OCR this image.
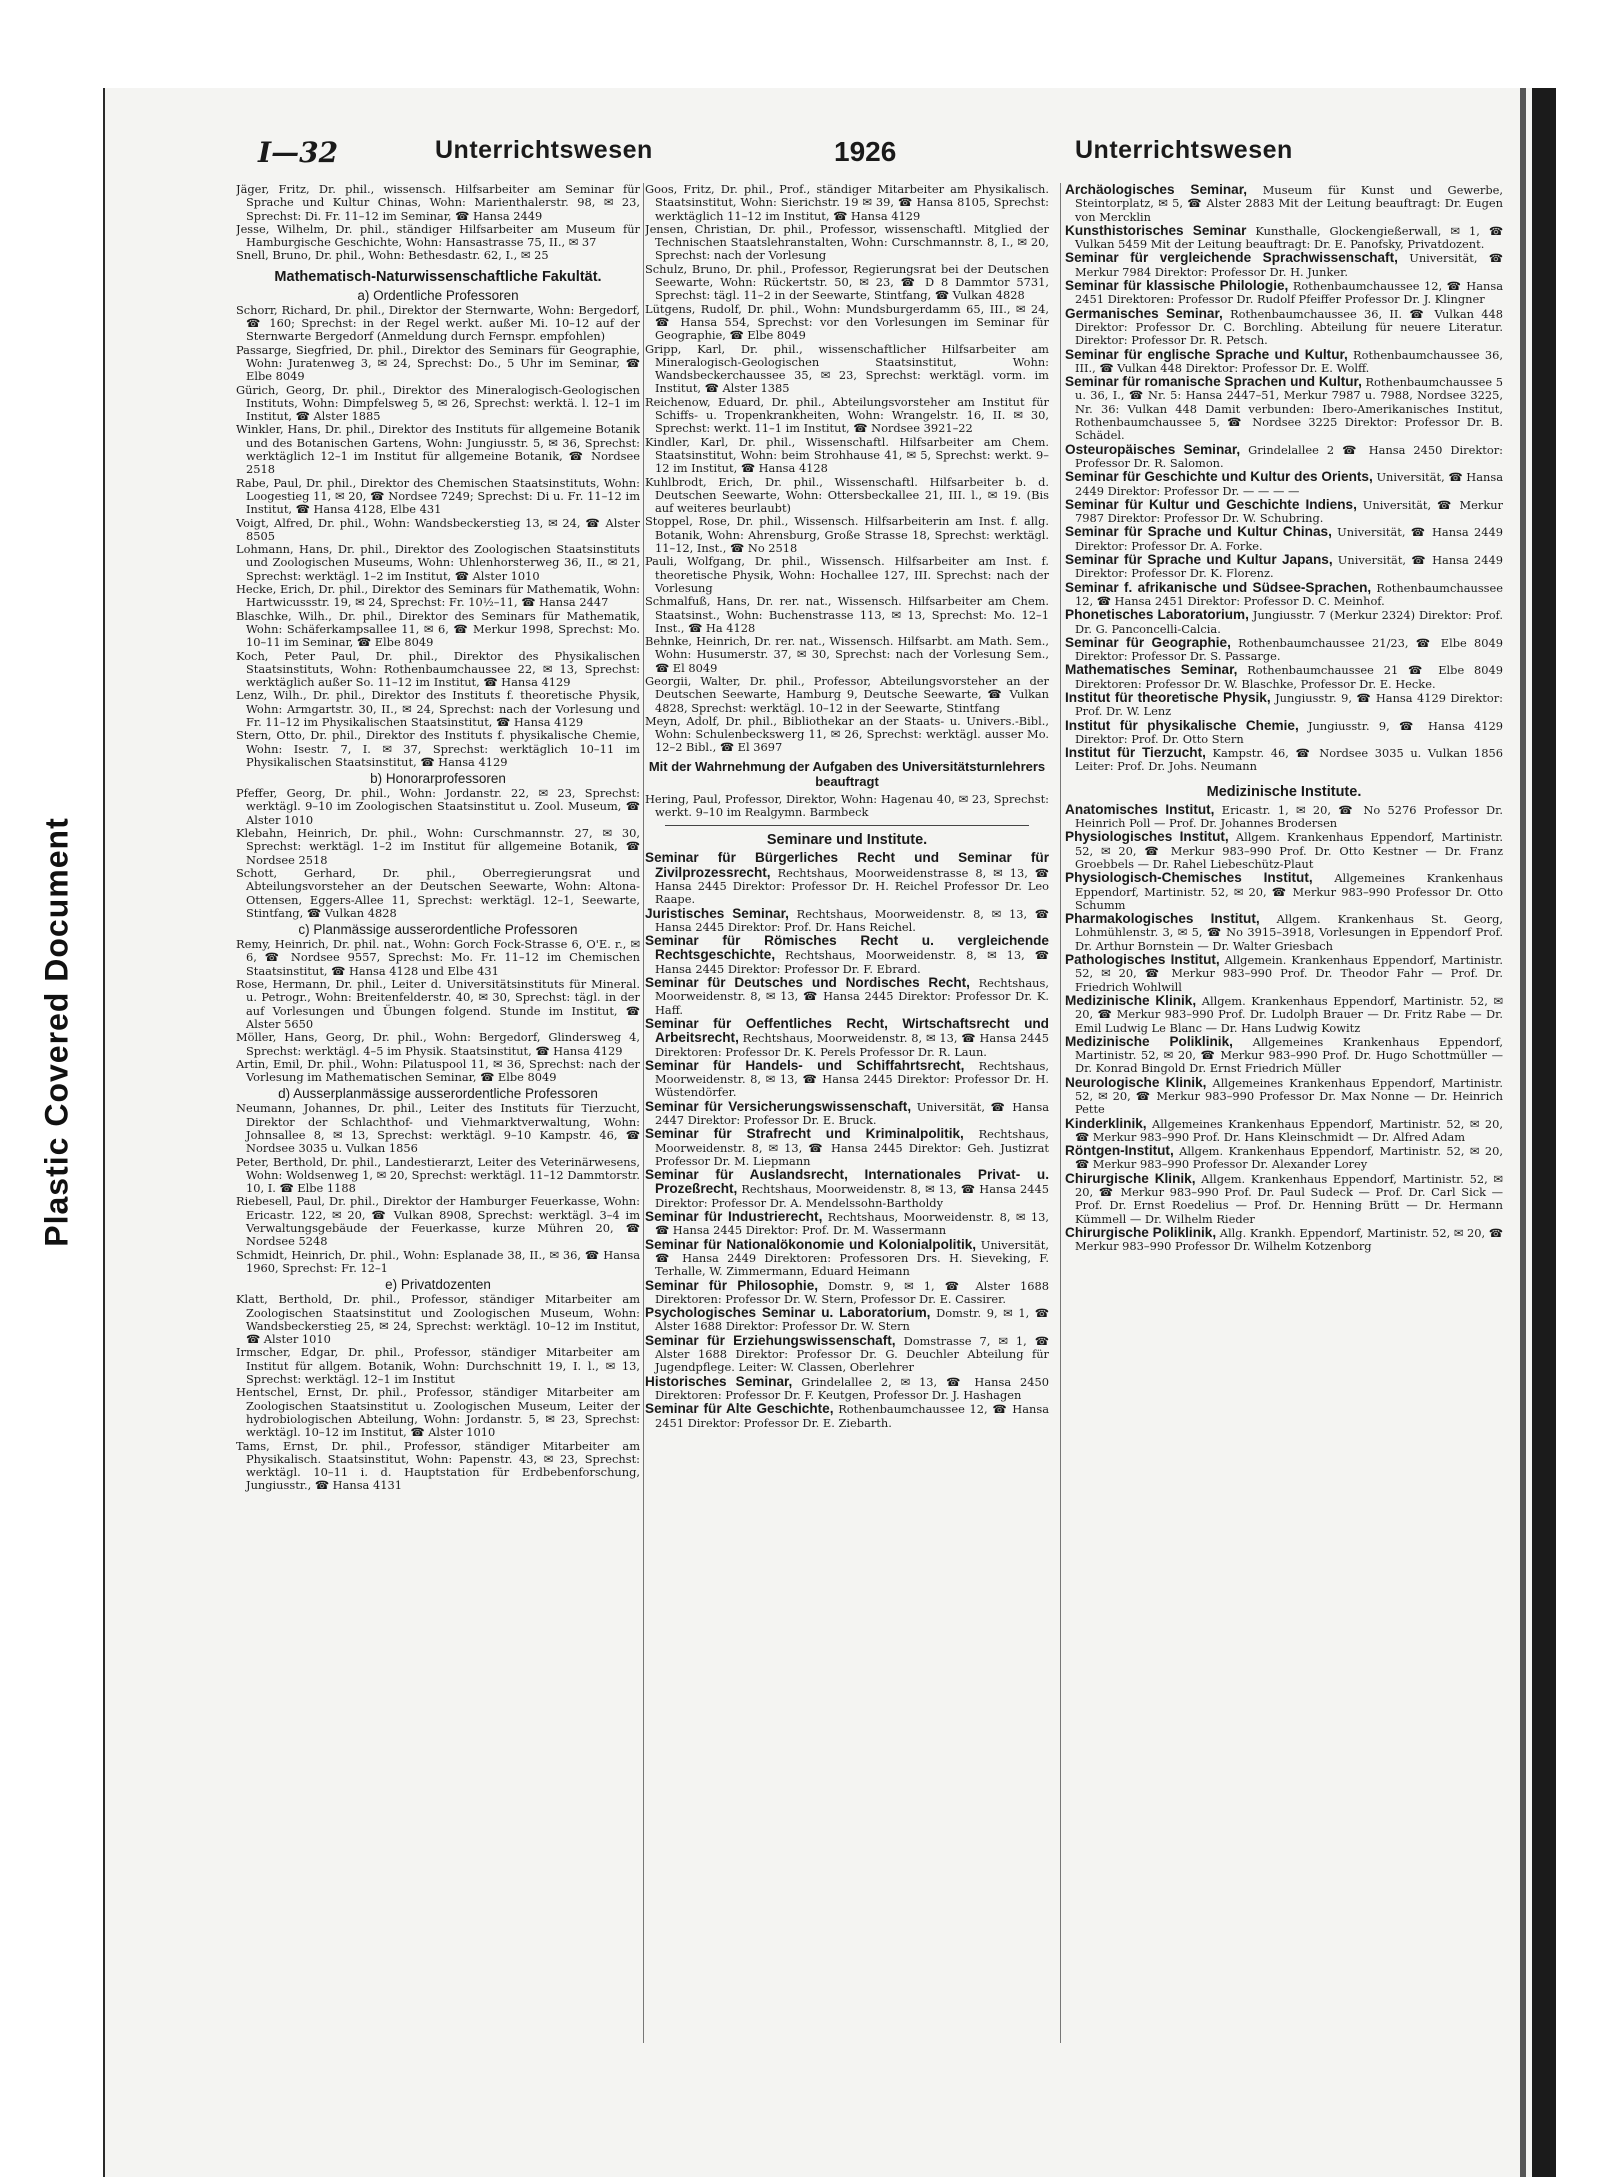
Plastic Covered Document
I—32	Unterrichtswesen	1926	Unterrichtswesen

Jäger, Fritz, Dr. phil., wissensch. Hilfsarbeiter am Seminar für Sprache und Kultur Chinas, Wohn: Marienthalerstr. 98, ✉ 23, Sprechst: Di. Fr. 11–12 im Seminar, ☎ Hansa 2449

Jesse, Wilhelm, Dr. phil., ständiger Hilfsarbeiter am Museum für Hamburgische Geschichte, Wohn: Hansastrasse 75, II., ✉ 37

Snell, Bruno, Dr. phil., Wohn: Bethesdastr. 62, I., ✉ 25

Mathematisch-Naturwissenschaftliche Fakultät.
a) Ordentliche Professoren

Schorr, Richard, Dr. phil., Direktor der Sternwarte, Wohn: Bergedorf, ☎ 160; Sprechst: in der Regel werkt. außer Mi. 10–12 auf der Sternwarte Bergedorf (Anmeldung durch Fernspr. empfohlen)

Passarge, Siegfried, Dr. phil., Direktor des Seminars für Geographie, Wohn: Juratenweg 3, ✉ 24, Sprechst: Do., 5 Uhr im Seminar, ☎ Elbe 8049

Gürich, Georg, Dr. phil., Direktor des Mineralogisch-Geologischen Instituts, Wohn: Dimpfelsweg 5, ✉ 26, Sprechst: werktä. l. 12–1 im Institut, ☎ Alster 1885

Winkler, Hans, Dr. phil., Direktor des Instituts für allgemeine Botanik und des Botanischen Gartens, Wohn: Jungiusstr. 5, ✉ 36, Sprechst: werktäglich 12–1 im Institut für allgemeine Botanik, ☎ Nordsee 2518

Rabe, Paul, Dr. phil., Direktor des Chemischen Staatsinstituts, Wohn: Loogestieg 11, ✉ 20, ☎ Nordsee 7249; Sprechst: Di u. Fr. 11–12 im Institut, ☎ Hansa 4128, Elbe 431

Voigt, Alfred, Dr. phil., Wohn: Wandsbeckerstieg 13, ✉ 24, ☎ Alster 8505

Lohmann, Hans, Dr. phil., Direktor des Zoologischen Staatsinstituts und Zoologischen Museums, Wohn: Uhlenhorsterweg 36, II., ✉ 21, Sprechst: werktägl. 1–2 im Institut, ☎ Alster 1010

Hecke, Erich, Dr. phil., Direktor des Seminars für Mathematik, Wohn: Hartwicussstr. 19, ✉ 24, Sprechst: Fr. 10½–11, ☎ Hansa 2447

Blaschke, Wilh., Dr. phil., Direktor des Seminars für Mathematik, Wohn: Schäferkampsallee 11, ✉ 6, ☎ Merkur 1998, Sprechst: Mo. 10–11 im Seminar, ☎ Elbe 8049

Koch, Peter Paul, Dr. phil., Direktor des Physikalischen Staatsinstituts, Wohn: Rothenbaumchaussee 22, ✉ 13, Sprechst: werktäglich außer So. 11–12 im Institut, ☎ Hansa 4129

Lenz, Wilh., Dr. phil., Direktor des Instituts f. theoretische Physik, Wohn: Armgartstr. 30, II., ✉ 24, Sprechst: nach der Vorlesung und Fr. 11–12 im Physikalischen Staatsinstitut, ☎ Hansa 4129

Stern, Otto, Dr. phil., Direktor des Instituts f. physikalische Chemie, Wohn: Isestr. 7, I. ✉ 37, Sprechst: werktäglich 10–11 im Physikalischen Staatsinstitut, ☎ Hansa 4129

b) Honorarprofessoren

Pfeffer, Georg, Dr. phil., Wohn: Jordanstr. 22, ✉ 23, Sprechst: werktägl. 9–10 im Zoologischen Staatsinstitut u. Zool. Museum, ☎ Alster 1010

Klebahn, Heinrich, Dr. phil., Wohn: Curschmannstr. 27, ✉ 30, Sprechst: werktägl. 1–2 im Institut für allgemeine Botanik, ☎ Nordsee 2518

Schott, Gerhard, Dr. phil., Oberregierungsrat und Abteilungsvorsteher an der Deutschen Seewarte, Wohn: Altona-Ottensen, Eggers-Allee 11, Sprechst: werktägl. 12–1, Seewarte, Stintfang, ☎ Vulkan 4828

c) Planmässige ausserordentliche Professoren

Remy, Heinrich, Dr. phil. nat., Wohn: Gorch Fock-Strasse 6, O'E. r., ✉ 6, ☎ Nordsee 9557, Sprechst: Mo. Fr. 11–12 im Chemischen Staatsinstitut, ☎ Hansa 4128 und Elbe 431

Rose, Hermann, Dr. phil., Leiter d. Universitätsinstituts für Mineral. u. Petrogr., Wohn: Breitenfelderstr. 40, ✉ 30, Sprechst: tägl. in der auf Vorlesungen und Übungen folgend. Stunde im Institut, ☎ Alster 5650

Möller, Hans, Georg, Dr. phil., Wohn: Bergedorf, Glindersweg 4, Sprechst: werktägl. 4–5 im Physik. Staatsinstitut, ☎ Hansa 4129

Artin, Emil, Dr. phil., Wohn: Pilatuspool 11, ✉ 36, Sprechst: nach der Vorlesung im Mathematischen Seminar, ☎ Elbe 8049

d) Ausserplanmässige ausserordentliche Professoren

Neumann, Johannes, Dr. phil., Leiter des Instituts für Tierzucht, Direktor der Schlachthof- und Viehmarktverwaltung, Wohn: Johnsallee 8, ✉ 13, Sprechst: werktägl. 9–10 Kampstr. 46, ☎ Nordsee 3035 u. Vulkan 1856

Peter, Berthold, Dr. phil., Landestierarzt, Leiter des Veterinärwesens, Wohn: Woldsenweg 1, ✉ 20, Sprechst: werktägl. 11–12 Dammtorstr. 10, I. ☎ Elbe 1188

Riebesell, Paul, Dr. phil., Direktor der Hamburger Feuerkasse, Wohn: Ericastr. 122, ✉ 20, ☎ Vulkan 8908, Sprechst: werktägl. 3–4 im Verwaltungsgebäude der Feuerkasse, kurze Mühren 20, ☎ Nordsee 5248

Schmidt, Heinrich, Dr. phil., Wohn: Esplanade 38, II., ✉ 36, ☎ Hansa 1960, Sprechst: Fr. 12–1

e) Privatdozenten

Klatt, Berthold, Dr. phil., Professor, ständiger Mitarbeiter am Zoologischen Staatsinstitut und Zoologischen Museum, Wohn: Wandsbeckerstieg 25, ✉ 24, Sprechst: werktägl. 10–12 im Institut, ☎ Alster 1010

Irmscher, Edgar, Dr. phil., Professor, ständiger Mitarbeiter am Institut für allgem. Botanik, Wohn: Durchschnitt 19, I. l., ✉ 13, Sprechst: werktägl. 12–1 im Institut

Hentschel, Ernst, Dr. phil., Professor, ständiger Mitarbeiter am Zoologischen Staatsinstitut u. Zoologischen Museum, Leiter der hydrobiologischen Abteilung, Wohn: Jordanstr. 5, ✉ 23, Sprechst: werktägl. 10–12 im Institut, ☎ Alster 1010

Tams, Ernst, Dr. phil., Professor, ständiger Mitarbeiter am Physikalisch. Staatsinstitut, Wohn: Papenstr. 43, ✉ 23, Sprechst: werktägl. 10–11 i. d. Hauptstation für Erdbebenforschung, Jungiusstr., ☎ Hansa 4131

Goos, Fritz, Dr. phil., Prof., ständiger Mitarbeiter am Physikalisch. Staatsinstitut, Wohn: Sierichstr. 19 ✉ 39, ☎ Hansa 8105, Sprechst: werktäglich 11–12 im Institut, ☎ Hansa 4129

Jensen, Christian, Dr. phil., Professor, wissenschaftl. Mitglied der Technischen Staatslehranstalten, Wohn: Curschmannstr. 8, I., ✉ 20, Sprechst: nach der Vorlesung

Schulz, Bruno, Dr. phil., Professor, Regierungsrat bei der Deutschen Seewarte, Wohn: Rückertstr. 50, ✉ 23, ☎ D 8 Dammtor 5731, Sprechst: tägl. 11–2 in der Seewarte, Stintfang, ☎ Vulkan 4828

Lütgens, Rudolf, Dr. phil., Wohn: Mundsburgerdamm 65, III., ✉ 24, ☎ Hansa 554, Sprechst: vor den Vorlesungen im Seminar für Geographie, ☎ Elbe 8049

Gripp, Karl, Dr. phil., wissenschaftlicher Hilfsarbeiter am Mineralogisch-Geologischen Staatsinstitut, Wohn: Wandsbeckerchaussee 35, ✉ 23, Sprechst: werktägl. vorm. im Institut, ☎ Alster 1385

Reichenow, Eduard, Dr. phil., Abteilungsvorsteher am Institut für Schiffs- u. Tropenkrankheiten, Wohn: Wrangelstr. 16, II. ✉ 30, Sprechst: werkt. 11–1 im Institut, ☎ Nordsee 3921–22

Kindler, Karl, Dr. phil., Wissenschaftl. Hilfsarbeiter am Chem. Staatsinstitut, Wohn: beim Strohhause 41, ✉ 5, Sprechst: werkt. 9–12 im Institut, ☎ Hansa 4128

Kuhlbrodt, Erich, Dr. phil., Wissenschaftl. Hilfsarbeiter b. d. Deutschen Seewarte, Wohn: Ottersbeckallee 21, III. l., ✉ 19. (Bis auf weiteres beurlaubt)

Stoppel, Rose, Dr. phil., Wissensch. Hilfsarbeiterin am Inst. f. allg. Botanik, Wohn: Ahrensburg, Große Strasse 18, Sprechst: werktägl. 11–12, Inst., ☎ No 2518

Pauli, Wolfgang, Dr. phil., Wissensch. Hilfsarbeiter am Inst. f. theoretische Physik, Wohn: Hochallee 127, III. Sprechst: nach der Vorlesung

Schmalfuß, Hans, Dr. rer. nat., Wissensch. Hilfsarbeiter am Chem. Staatsinst., Wohn: Buchenstrasse 113, ✉ 13, Sprechst: Mo. 12–1 Inst., ☎ Ha 4128

Behnke, Heinrich, Dr. rer. nat., Wissensch. Hilfsarbt. am Math. Sem., Wohn: Husumerstr. 37, ✉ 30, Sprechst: nach der Vorlesung Sem., ☎ El 8049

Georgii, Walter, Dr. phil., Professor, Abteilungsvorsteher an der Deutschen Seewarte, Hamburg 9, Deutsche Seewarte, ☎ Vulkan 4828, Sprechst: werktägl. 10–12 in der Seewarte, Stintfang

Meyn, Adolf, Dr. phil., Bibliothekar an der Staats- u. Univers.-Bibl., Wohn: Schulenbeckswerg 11, ✉ 26, Sprechst: werktägl. ausser Mo. 12–2 Bibl., ☎ El 3697

Mit der Wahrnehmung der Aufgaben des Universitätsturnlehrers beauftragt

Hering, Paul, Professor, Direktor, Wohn: Hagenau 40, ✉ 23, Sprechst: werkt. 9–10 im Realgymn. Barmbeck

Seminare und Institute.

Seminar für Bürgerliches Recht und Seminar für Zivilprozessrecht, Rechtshaus, Moorweidenstrasse 8, ✉ 13, ☎ Hansa 2445 Direktor: Professor Dr. H. Reichel Professor Dr. Leo Raape.

Juristisches Seminar, Rechtshaus, Moorweidenstr. 8, ✉ 13, ☎ Hansa 2445 Direktor: Prof. Dr. Hans Reichel.

Seminar für Römisches Recht u. vergleichende Rechtsgeschichte, Rechtshaus, Moorweidenstr. 8, ✉ 13, ☎ Hansa 2445 Direktor: Professor Dr. F. Ebrard.

Seminar für Deutsches und Nordisches Recht, Rechtshaus, Moorweidenstr. 8, ✉ 13, ☎ Hansa 2445 Direktor: Professor Dr. K. Haff.

Seminar für Oeffentliches Recht, Wirtschaftsrecht und Arbeitsrecht, Rechtshaus, Moorweidenstr. 8, ✉ 13, ☎ Hansa 2445 Direktoren: Professor Dr. K. Perels Professor Dr. R. Laun.

Seminar für Handels- und Schiffahrtsrecht, Rechtshaus, Moorweidenstr. 8, ✉ 13, ☎ Hansa 2445 Direktor: Professor Dr. H. Wüstendörfer.

Seminar für Versicherungswissenschaft, Universität, ☎ Hansa 2447 Direktor: Professor Dr. E. Bruck.

Seminar für Strafrecht und Kriminalpolitik, Rechtshaus, Moorweidenstr. 8, ✉ 13, ☎ Hansa 2445 Direktor: Geh. Justizrat Professor Dr. M. Liepmann

Seminar für Auslandsrecht, Internationales Privat- u. Prozeßrecht, Rechtshaus, Moorweidenstr. 8, ✉ 13, ☎ Hansa 2445 Direktor: Professor Dr. A. Mendelssohn-Bartholdy

Seminar für Industrierecht, Rechtshaus, Moorweidenstr. 8, ✉ 13, ☎ Hansa 2445 Direktor: Prof. Dr. M. Wassermann

Seminar für Nationalökonomie und Kolonialpolitik, Universität, ☎ Hansa 2449 Direktoren: Professoren Drs. H. Sieveking, F. Terhalle, W. Zimmermann, Eduard Heimann

Seminar für Philosophie, Domstr. 9, ✉ 1, ☎ Alster 1688 Direktoren: Professor Dr. W. Stern, Professor Dr. E. Cassirer.

Psychologisches Seminar u. Laboratorium, Domstr. 9, ✉ 1, ☎ Alster 1688 Direktor: Professor Dr. W. Stern

Seminar für Erziehungswissenschaft, Domstrasse 7, ✉ 1, ☎ Alster 1688 Direktor: Professor Dr. G. Deuchler Abteilung für Jugendpflege. Leiter: W. Classen, Oberlehrer

Historisches Seminar, Grindelallee 2, ✉ 13, ☎ Hansa 2450 Direktoren: Professor Dr. F. Keutgen, Professor Dr. J. Hashagen

Seminar für Alte Geschichte, Rothenbaumchaussee 12, ☎ Hansa 2451 Direktor: Professor Dr. E. Ziebarth.

Archäologisches Seminar, Museum für Kunst und Gewerbe, Steintorplatz, ✉ 5, ☎ Alster 2883 Mit der Leitung beauftragt: Dr. Eugen von Mercklin

Kunsthistorisches Seminar Kunsthalle, Glockengießerwall, ✉ 1, ☎ Vulkan 5459 Mit der Leitung beauftragt: Dr. E. Panofsky, Privatdozent.

Seminar für vergleichende Sprachwissenschaft, Universität, ☎ Merkur 7984 Direktor: Professor Dr. H. Junker.

Seminar für klassische Philologie, Rothenbaumchaussee 12, ☎ Hansa 2451 Direktoren: Professor Dr. Rudolf Pfeiffer Professor Dr. J. Klingner

Germanisches Seminar, Rothenbaumchaussee 36, II. ☎ Vulkan 448 Direktor: Professor Dr. C. Borchling. Abteilung für neuere Literatur. Direktor: Professor Dr. R. Petsch.

Seminar für englische Sprache und Kultur, Rothenbaumchaussee 36, III., ☎ Vulkan 448 Direktor: Professor Dr. E. Wolff.

Seminar für romanische Sprachen und Kultur, Rothenbaumchaussee 5 u. 36, I., ☎ Nr. 5: Hansa 2447–51, Merkur 7987 u. 7988, Nordsee 3225, Nr. 36: Vulkan 448 Damit verbunden: Ibero-Amerikanisches Institut, Rothenbaumchaussee 5, ☎ Nordsee 3225 Direktor: Professor Dr. B. Schädel.

Osteuropäisches Seminar, Grindelallee 2 ☎ Hansa 2450 Direktor: Professor Dr. R. Salomon.

Seminar für Geschichte und Kultur des Orients, Universität, ☎ Hansa 2449 Direktor: Professor Dr. — — — —

Seminar für Kultur und Geschichte Indiens, Universität, ☎ Merkur 7987 Direktor: Professor Dr. W. Schubring.

Seminar für Sprache und Kultur Chinas, Universität, ☎ Hansa 2449 Direktor: Professor Dr. A. Forke.

Seminar für Sprache und Kultur Japans, Universität, ☎ Hansa 2449 Direktor: Professor Dr. K. Florenz.

Seminar f. afrikanische und Südsee-Sprachen, Rothenbaumchaussee 12, ☎ Hansa 2451 Direktor: Professor D. C. Meinhof.

Phonetisches Laboratorium, Jungiusstr. 7 (Merkur 2324) Direktor: Prof. Dr. G. Panconcelli-Calcia.

Seminar für Geographie, Rothenbaumchaussee 21/23, ☎ Elbe 8049 Direktor: Professor Dr. S. Passarge.

Mathematisches Seminar, Rothenbaumchaussee 21 ☎ Elbe 8049 Direktoren: Professor Dr. W. Blaschke, Professor Dr. E. Hecke.

Institut für theoretische Physik, Jungiusstr. 9, ☎ Hansa 4129 Direktor: Prof. Dr. W. Lenz

Institut für physikalische Chemie, Jungiusstr. 9, ☎ Hansa 4129 Direktor: Prof. Dr. Otto Stern

Institut für Tierzucht, Kampstr. 46, ☎ Nordsee 3035 u. Vulkan 1856 Leiter: Prof. Dr. Johs. Neumann

Medizinische Institute.

Anatomisches Institut, Ericastr. 1, ✉ 20, ☎ No 5276 Professor Dr. Heinrich Poll — Prof. Dr. Johannes Brodersen

Physiologisches Institut, Allgem. Krankenhaus Eppendorf, Martinistr. 52, ✉ 20, ☎ Merkur 983–990 Prof. Dr. Otto Kestner — Dr. Franz Groebbels — Dr. Rahel Liebeschütz-Plaut

Physiologisch-Chemisches Institut, Allgemeines Krankenhaus Eppendorf, Martinistr. 52, ✉ 20, ☎ Merkur 983–990 Professor Dr. Otto Schumm

Pharmakologisches Institut, Allgem. Krankenhaus St. Georg, Lohmühlenstr. 3, ✉ 5, ☎ No 3915–3918, Vorlesungen in Eppendorf Prof. Dr. Arthur Bornstein — Dr. Walter Griesbach

Pathologisches Institut, Allgemein. Krankenhaus Eppendorf, Martinistr. 52, ✉ 20, ☎ Merkur 983–990 Prof. Dr. Theodor Fahr — Prof. Dr. Friedrich Wohlwill

Medizinische Klinik, Allgem. Krankenhaus Eppendorf, Martinistr. 52, ✉ 20, ☎ Merkur 983–990 Prof. Dr. Ludolph Brauer — Dr. Fritz Rabe — Dr. Emil Ludwig Le Blanc — Dr. Hans Ludwig Kowitz

Medizinische Poliklinik, Allgemeines Krankenhaus Eppendorf, Martinistr. 52, ✉ 20, ☎ Merkur 983–990 Prof. Dr. Hugo Schottmüller — Dr. Konrad Bingold Dr. Ernst Friedrich Müller

Neurologische Klinik, Allgemeines Krankenhaus Eppendorf, Martinistr. 52, ✉ 20, ☎ Merkur 983–990 Professor Dr. Max Nonne — Dr. Heinrich Pette

Kinderklinik, Allgemeines Krankenhaus Eppendorf, Martinistr. 52, ✉ 20, ☎ Merkur 983–990 Prof. Dr. Hans Kleinschmidt — Dr. Alfred Adam

Röntgen-Institut, Allgem. Krankenhaus Eppendorf, Martinistr. 52, ✉ 20, ☎ Merkur 983–990 Professor Dr. Alexander Lorey

Chirurgische Klinik, Allgem. Krankenhaus Eppendorf, Martinistr. 52, ✉ 20, ☎ Merkur 983–990 Prof. Dr. Paul Sudeck — Prof. Dr. Carl Sick — Prof. Dr. Ernst Roedelius — Prof. Dr. Henning Brütt — Dr. Hermann Kümmell — Dr. Wilhelm Rieder

Chirurgische Poliklinik, Allg. Krankh. Eppendorf, Martinistr. 52, ✉ 20, ☎ Merkur 983–990 Professor Dr. Wilhelm Kotzenborg
